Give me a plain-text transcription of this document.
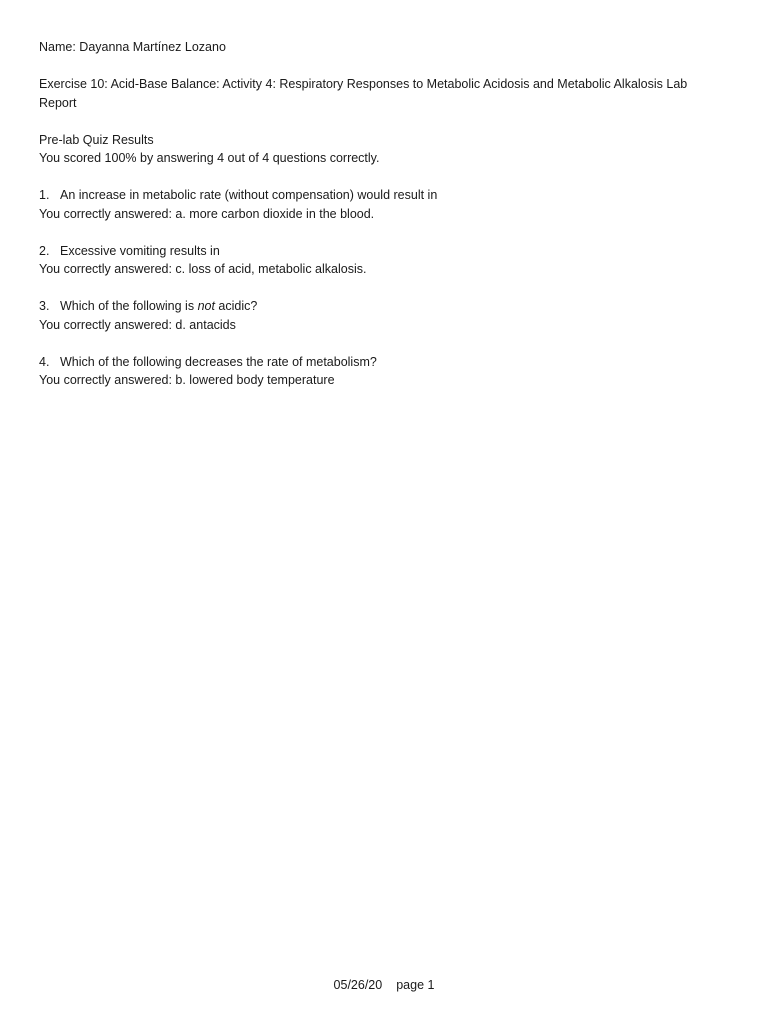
Name: Dayanna Martínez Lozano
Exercise 10: Acid-Base Balance: Activity 4: Respiratory Responses to Metabolic Acidosis and Metabolic Alkalosis Lab Report
Pre-lab Quiz Results
You scored 100% by answering 4 out of 4 questions correctly.
1. An increase in metabolic rate (without compensation) would result in
You correctly answered: a. more carbon dioxide in the blood.
2. Excessive vomiting results in
You correctly answered: c. loss of acid, metabolic alkalosis.
3. Which of the following is not acidic?
You correctly answered: d. antacids
4. Which of the following decreases the rate of metabolism?
You correctly answered: b. lowered body temperature
05/26/20 page 1
